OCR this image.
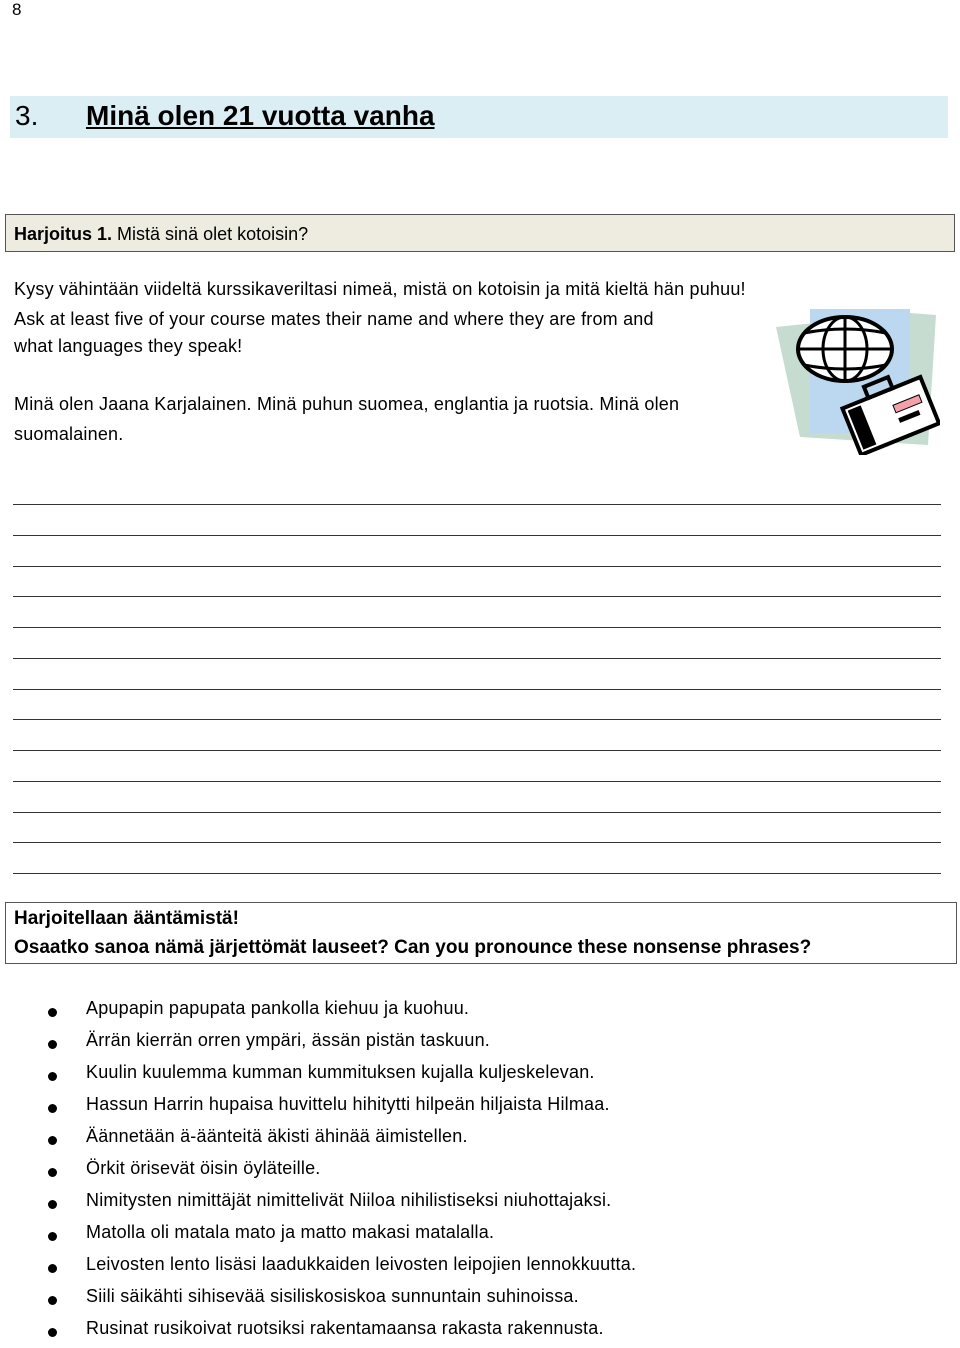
8
3. Minä olen 21 vuotta vanha
Harjoitus 1. Mistä sinä olet kotoisin?
Kysy vähintään viideltä kurssikaveriltasi nimeä, mistä on kotoisin ja mitä kieltä hän puhuu!
Ask at least five of your course mates their name and where they are from and
what languages they speak!
Minä olen Jaana Karjalainen. Minä puhun suomea, englantia ja ruotsia. Minä olen
suomalainen.
Harjoitellaan ääntämistä!
Osaatko sanoa nämä järjettömät lauseet? Can you pronounce these nonsense phrases?
Apupapin papupata pankolla kiehuu ja kuohuu.
Ärrän kierrän orren ympäri, ässän pistän taskuun.
Kuulin kuulemma kumman kummituksen kujalla kuljeskelevan.
Hassun Harrin hupaisa huvittelu hihitytti hilpeän hiljaista Hilmaa.
Äännetään ä-äänteitä äkisti ähinää äimistellen.
Örkit örisevät öisin öyläteille.
Nimitysten nimittäjät nimittelivät Niiloa nihilistiseksi niuhottajaksi.
Matolla oli matala mato ja matto makasi matalalla.
Leivosten lento lisäsi laadukkaiden leivosten leipojien lennokkuutta.
Siili säikähti sihisevää sisiliskosiskoa sunnuntain suhinoissa.
Rusinat rusikoivat ruotsiksi rakentamaansa rakasta rakennusta.
